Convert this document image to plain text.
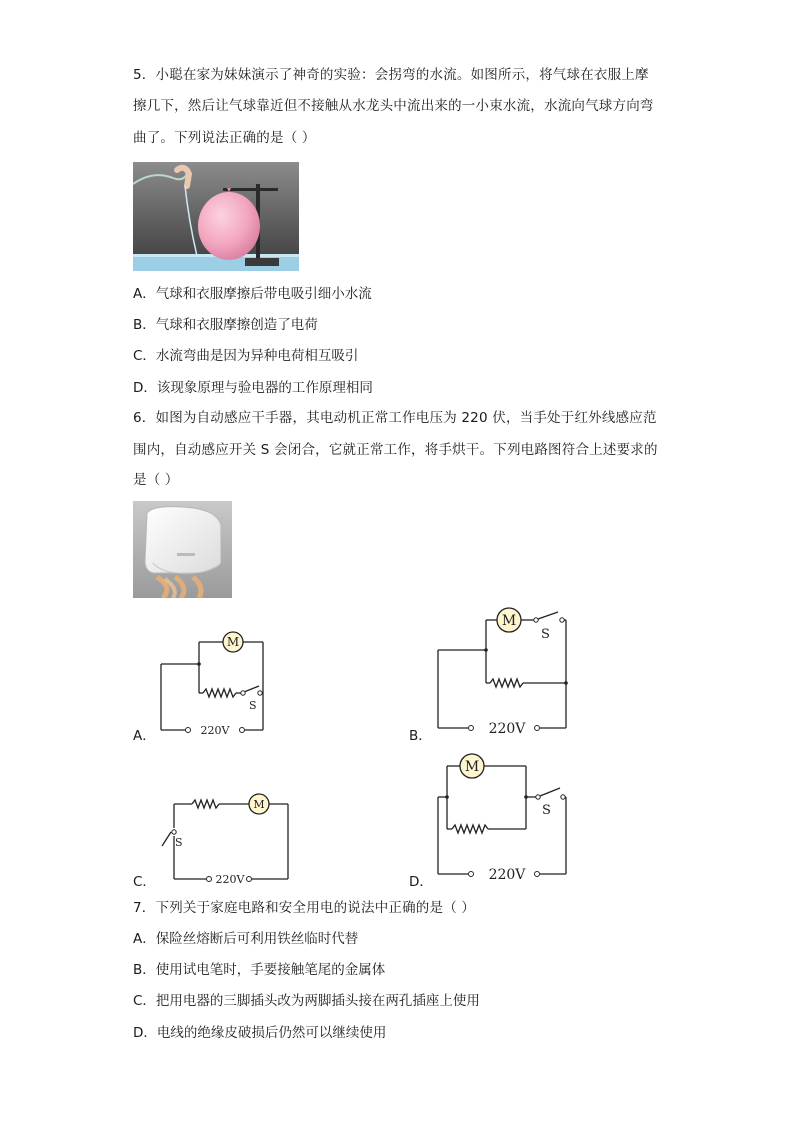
5．小聪在家为妹妹演示了神奇的实验：会拐弯的水流。如图所示，将气球在衣服上摩
擦几下，然后让气球靠近但不接触从水龙头中流出来的一小束水流，水流向气球方向弯
曲了。下列说法正确的是（ ）
A．气球和衣服摩擦后带电吸引细小水流
B．气球和衣服摩擦创造了电荷
C．水流弯曲是因为异种电荷相互吸引
D．该现象原理与验电器的工作原理相同
6．如图为自动感应干手器，其电动机正常工作电压为 220 伏，当手处于红外线感应范
围内，自动感应开关 S 会闭合，它就正常工作，将手烘干。下列电路图符合上述要求的
是（ ）
M
S
220V
A．
M
S
220V
B．
M
S
220V
C．
M
S
220V
D．
7．下列关于家庭电路和安全用电的说法中正确的是（ ）
A．保险丝熔断后可利用铁丝临时代替
B．使用试电笔时，手要接触笔尾的金属体
C．把用电器的三脚插头改为两脚插头接在两孔插座上使用
D．电线的绝缘皮破损后仍然可以继续使用
